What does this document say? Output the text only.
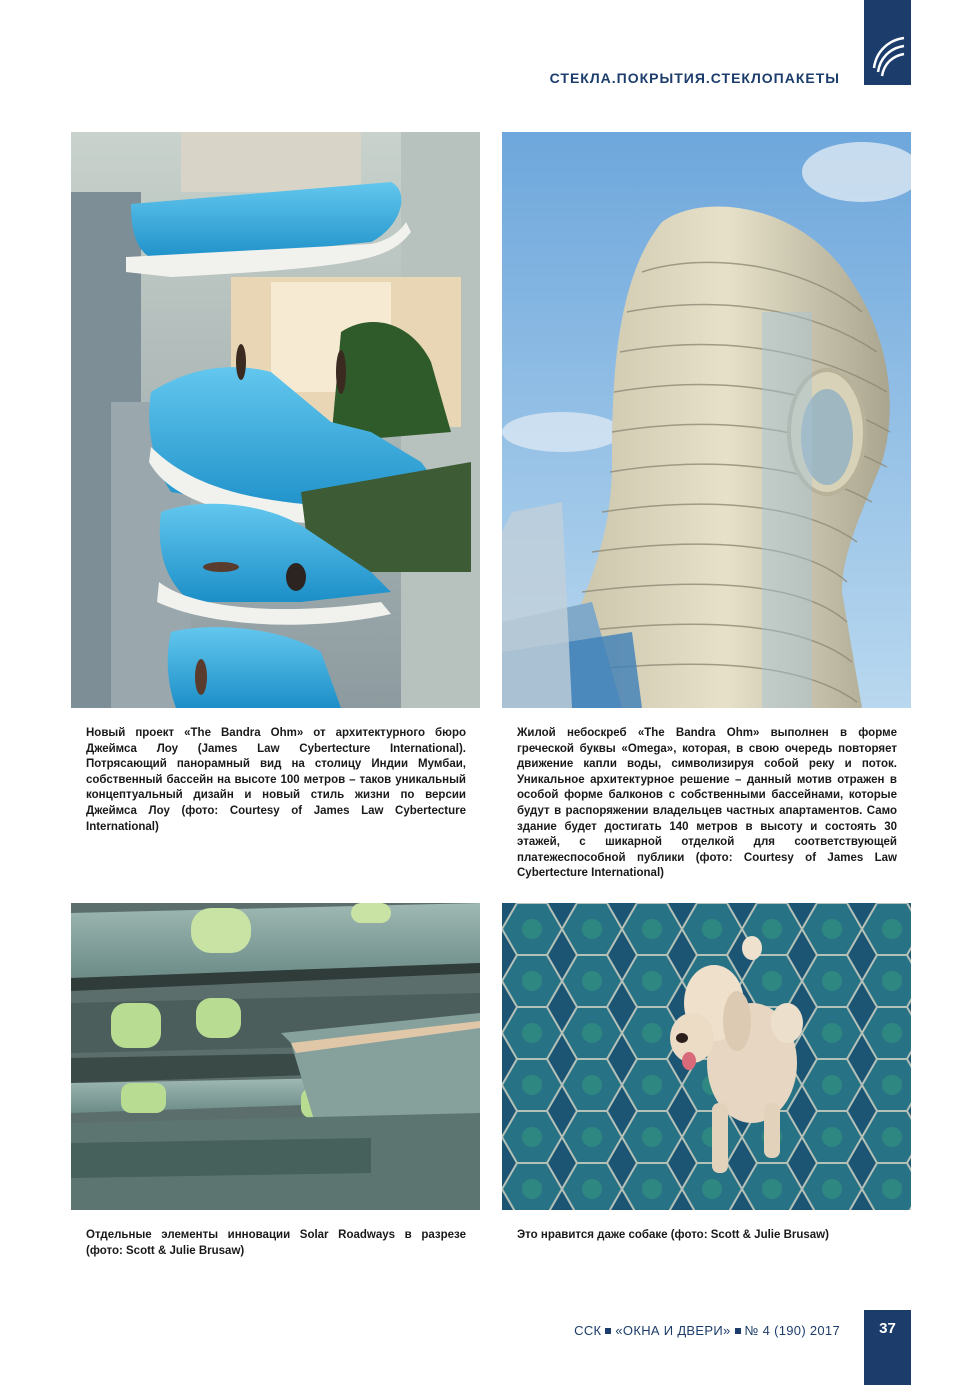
СТЕКЛА.ПОКРЫТИЯ.СТЕКЛОПАКЕТЫ
Новый проект «The Bandra Ohm» от архитектурного бюро Джеймса Лоу (James Law Cybertecture International). Потрясающий панорамный вид на столицу Индии Мумбаи, собственный бассейн на высоте 100 метров – таков уникальный концептуальный дизайн и новый стиль жизни по версии Джеймса Лоу (фото: Courtesy of James Law Cybertecture International)
Жилой небоскреб «The Bandra Ohm» выполнен в форме греческой буквы «Omega», которая, в свою очередь повторяет движение капли воды, символизируя собой реку и поток. Уникальное архитектурное решение – данный мотив отражен в особой форме балконов с собственными бассейнами, которые будут в распоряжении владельцев частных апартаментов. Само здание будет достигать 140 метров в высоту и состоять 30 этажей, с шикарной отделкой для соответствующей платежеспособной публики (фото: Courtesy of James Law Cybertecture International)
Отдельные элементы инновации Solar Roadways в разрезе (фото: Scott & Julie Brusaw)
Это нравится даже собаке (фото: Scott & Julie Brusaw)
ССК «ОКНА И ДВЕРИ» № 4 (190) 2017	37
